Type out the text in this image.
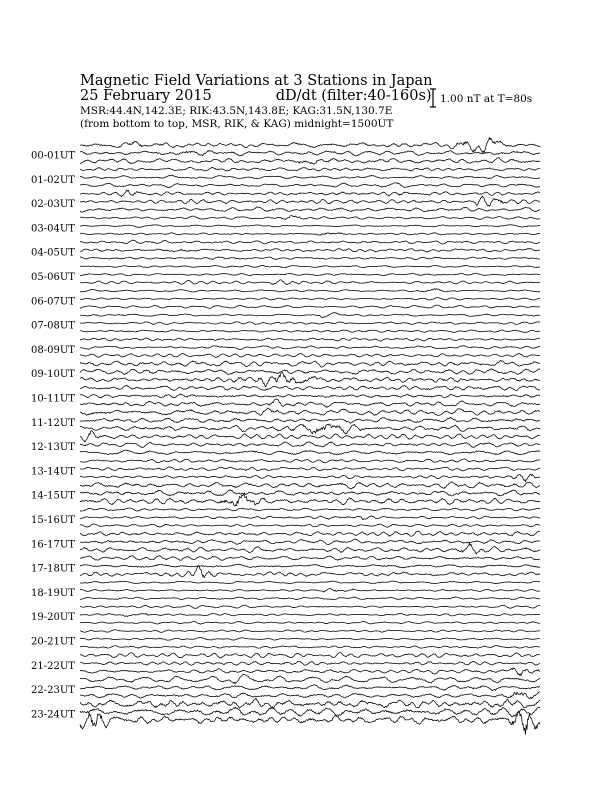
Magnetic Field Variations at 3 Stations in Japan
25 February 2015	dD/dt (filter:40-160s)
MSR:44.4N,142.3E; RIK:43.5N,143.8E; KAG:31.5N,130.7E
(from bottom to top, MSR, RIK, & KAG) midnight=1500UT
1.00 nT at T=80s
00-01UT
01-02UT
02-03UT
03-04UT
04-05UT
05-06UT
06-07UT
07-08UT
08-09UT
09-10UT
10-11UT
11-12UT
12-13UT
13-14UT
14-15UT
15-16UT
16-17UT
17-18UT
18-19UT
19-20UT
20-21UT
21-22UT
22-23UT
23-24UT
